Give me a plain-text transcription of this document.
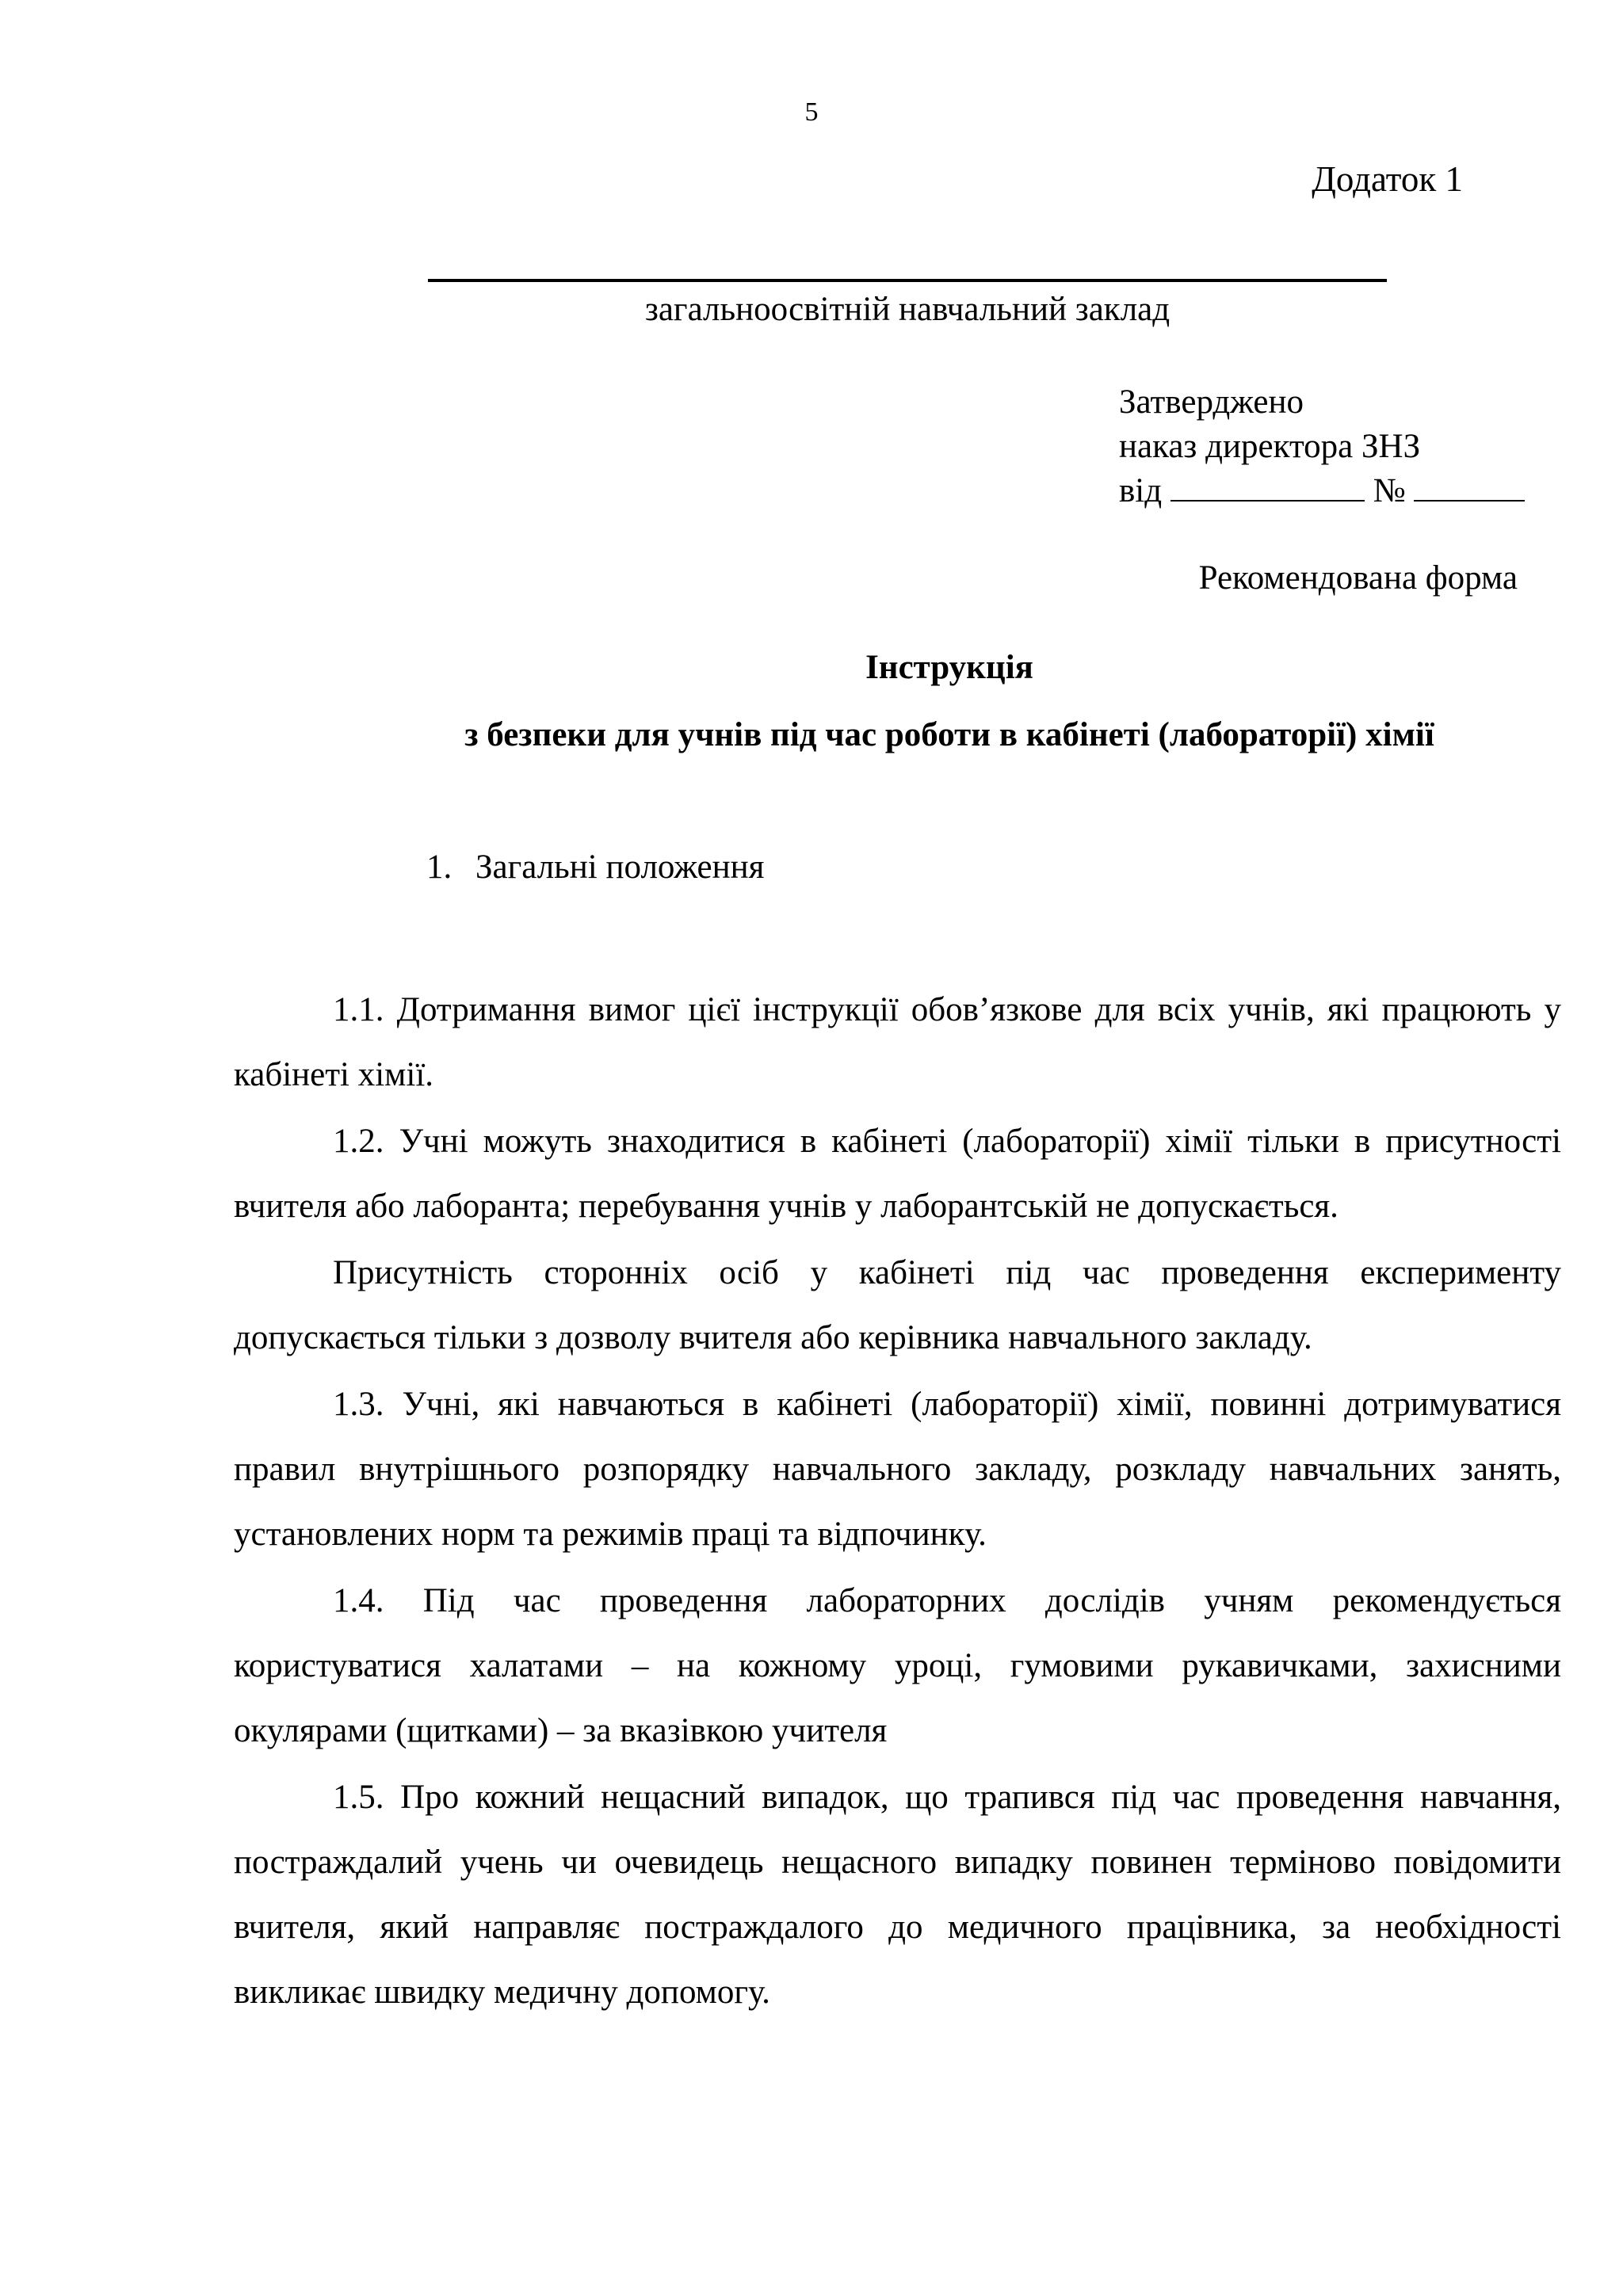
5
Додаток 1
загальноосвітній навчальний заклад
Затверджено
наказ директора ЗНЗ
від	№
Рекомендована форма
Інструкція
з безпеки для учнів під час роботи в кабінеті (лабораторії) хімії
1. Загальні положення

1.1. Дотримання вимог цієї інструкції обов’язкове для всіх учнів, які працюють у кабінеті хімії.

1.2. Учні можуть знаходитися в кабінеті (лабораторії) хімії тільки в присутності вчителя або лаборанта; перебування учнів у лаборантській не допускається.

Присутність сторонніх осіб у кабінеті під час проведення експерименту допускається тільки з дозволу вчителя або керівника навчального закладу.

1.3. Учні, які навчаються в кабінеті (лабораторії) хімії, повинні дотримуватися правил внутрішнього розпорядку навчального закладу, розкладу навчальних занять, установлених норм та режимів праці та відпочинку.

1.4. Під час проведення лабораторних дослідів учням рекомендується користуватися халатами – на кожному уроці, гумовими рукавичками, захисними окулярами (щитками) – за вказівкою учителя

1.5. Про кожний нещасний випадок, що трапився під час проведення навчання, постраждалий учень чи очевидець нещасного випадку повинен терміново повідомити вчителя, який направляє постраждалого до медичного працівника, за необхідності викликає швидку медичну допомогу.
